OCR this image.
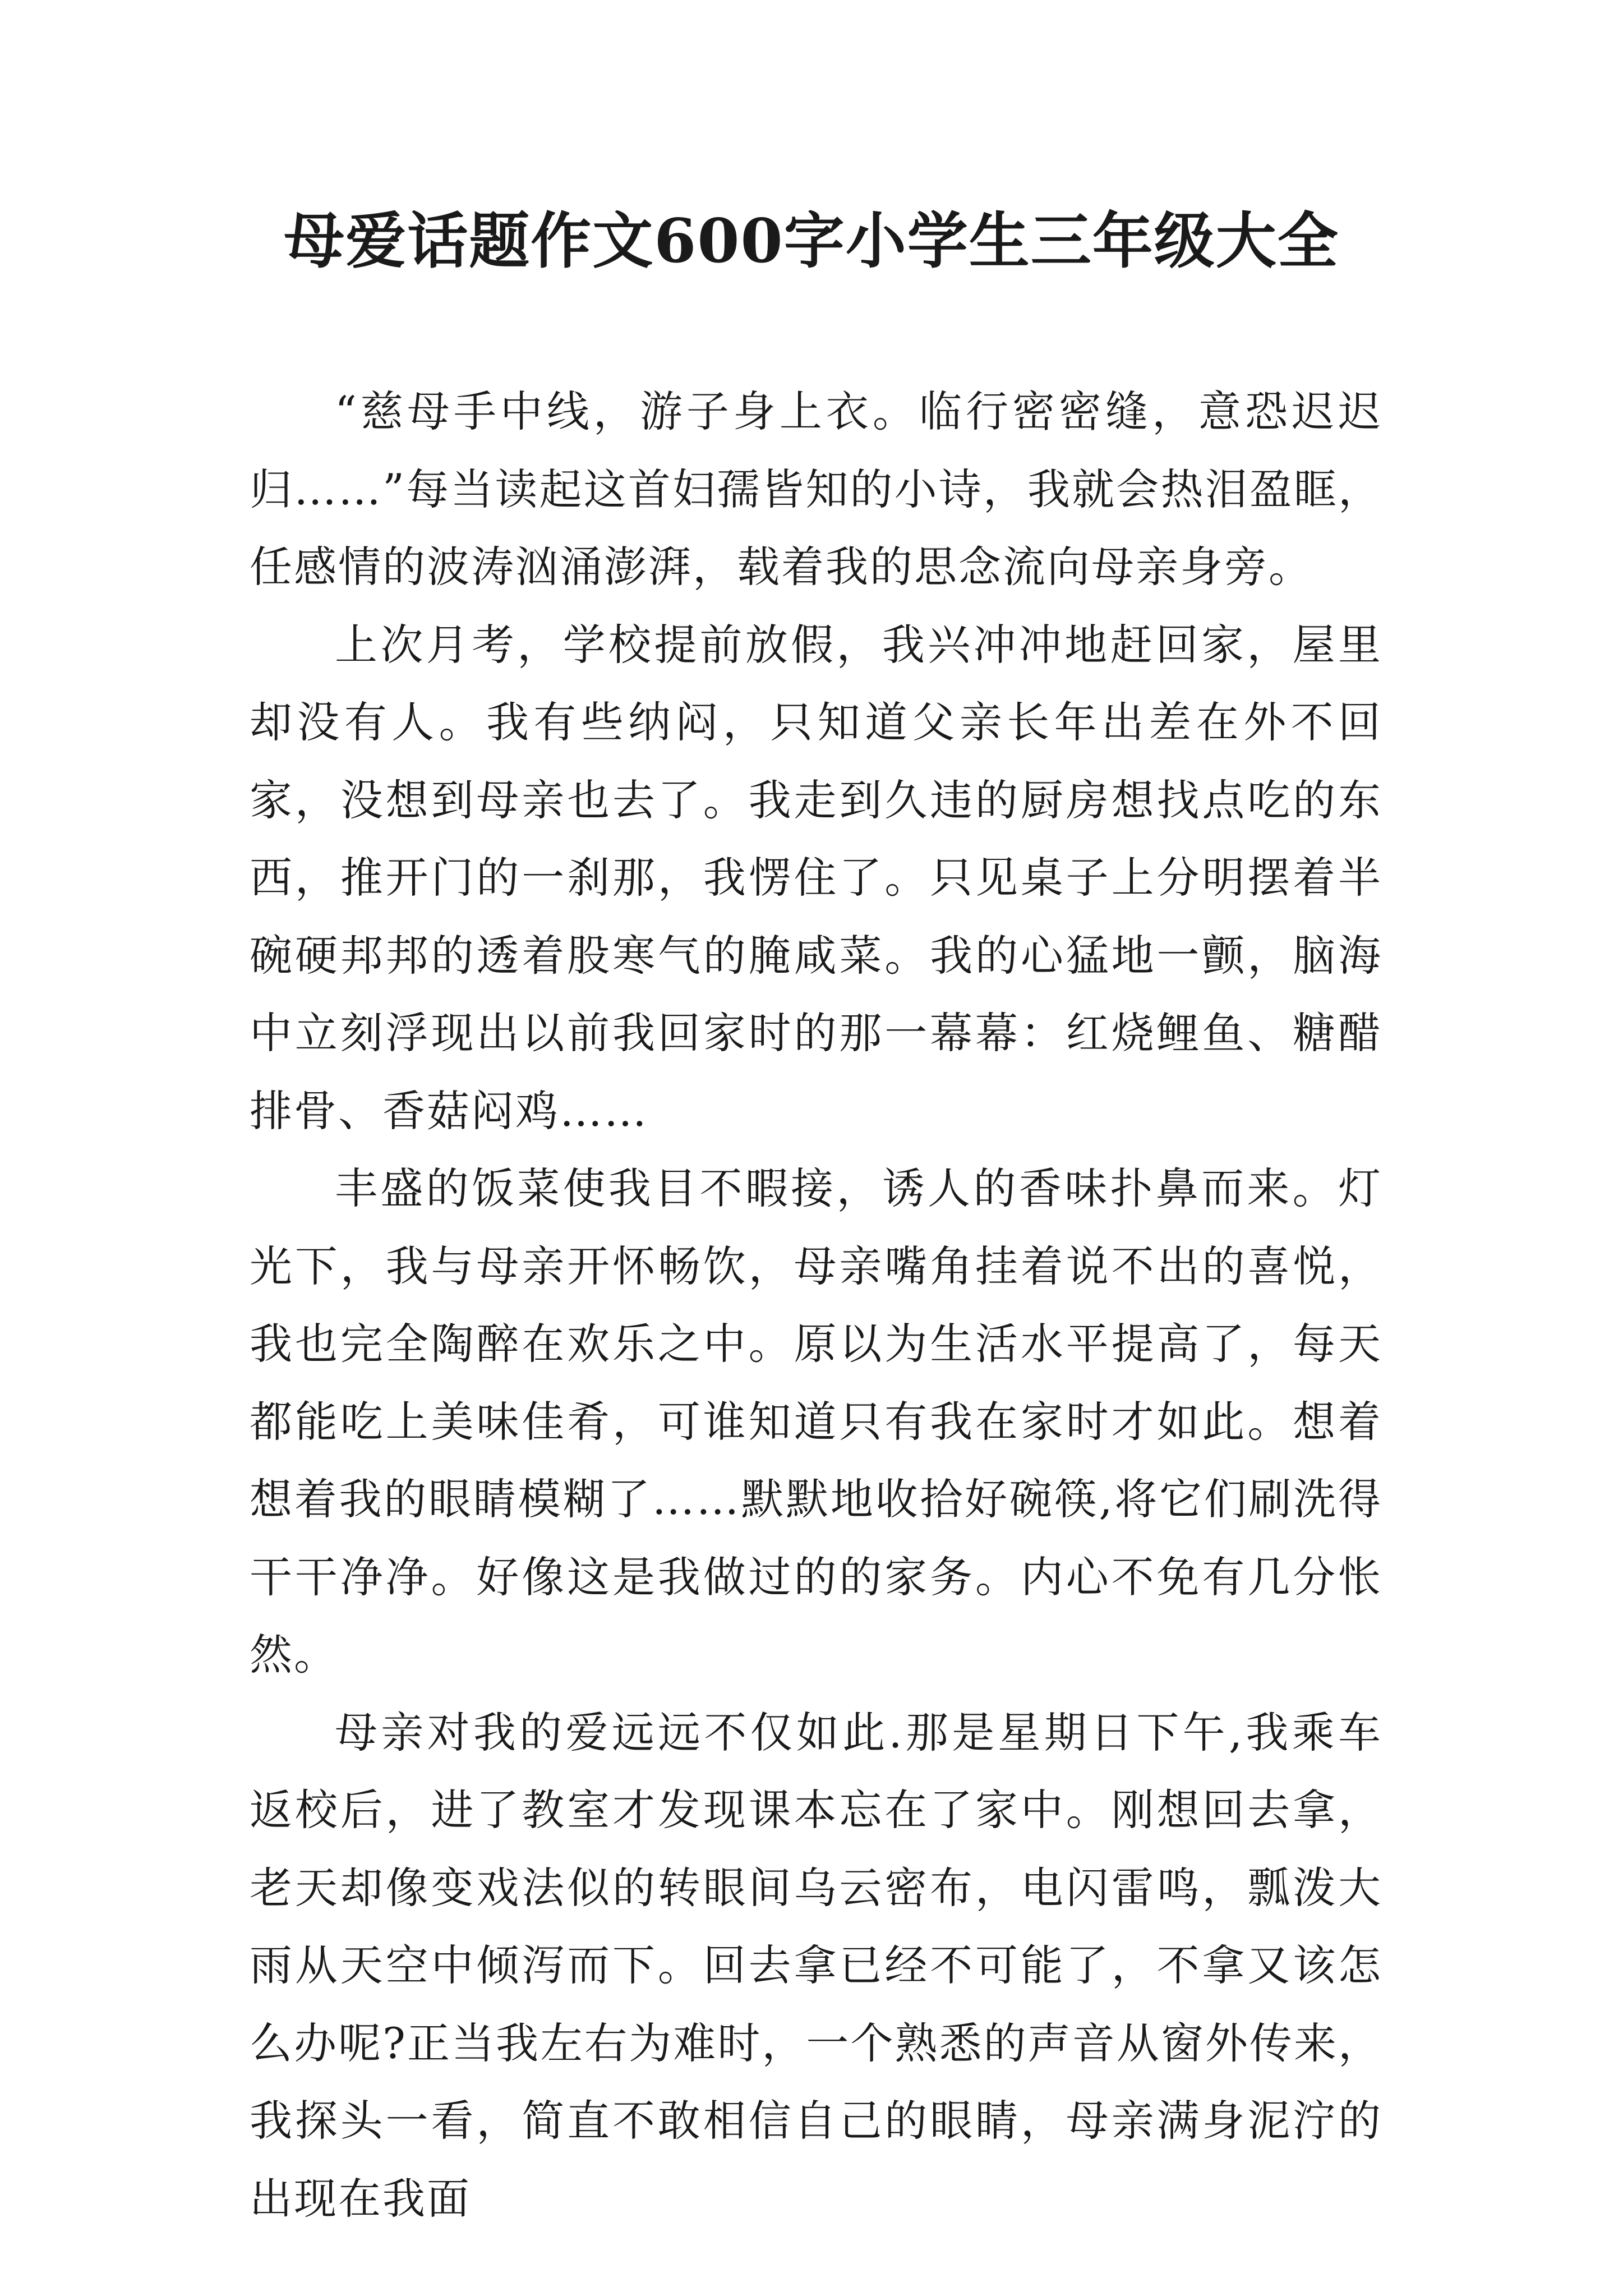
母爱话题作文600字小学生三年级大全

“慈母手中线，游子身上衣。临行密密缝，意恐迟迟归……”每当读起这首妇孺皆知的小诗，我就会热泪盈眶，任感情的波涛汹涌澎湃，载着我的思念流向母亲身旁。

上次月考，学校提前放假，我兴冲冲地赶回家，屋里却没有人。我有些纳闷，只知道父亲长年出差在外不回家，没想到母亲也去了。我走到久违的厨房想找点吃的东西，推开门的一刹那，我愣住了。只见桌子上分明摆着半碗硬邦邦的透着股寒气的腌咸菜。我的心猛地一颤，脑海中立刻浮现出以前我回家时的那一幕幕：红烧鲤鱼、糖醋排骨、香菇闷鸡……

丰盛的饭菜使我目不暇接，诱人的香味扑鼻而来。灯光下，我与母亲开怀畅饮，母亲嘴角挂着说不出的喜悦，我也完全陶醉在欢乐之中。原以为生活水平提高了，每天都能吃上美味佳肴，可谁知道只有我在家时才如此。想着想着我的眼睛模糊了……默默地收拾好碗筷,将它们刷洗得干干净净。好像这是我做过的的家务。内心不免有几分怅然。

母亲对我的爱远远不仅如此.那是星期日下午,我乘车返校后，进了教室才发现课本忘在了家中。刚想回去拿，老天却像变戏法似的转眼间乌云密布，电闪雷鸣，瓢泼大雨从天空中倾泻而下。回去拿已经不可能了，不拿又该怎么办呢?正当我左右为难时，一个熟悉的声音从窗外传来，我探头一看，简直不敢相信自己的眼睛，母亲满身泥泞的出现在我面
